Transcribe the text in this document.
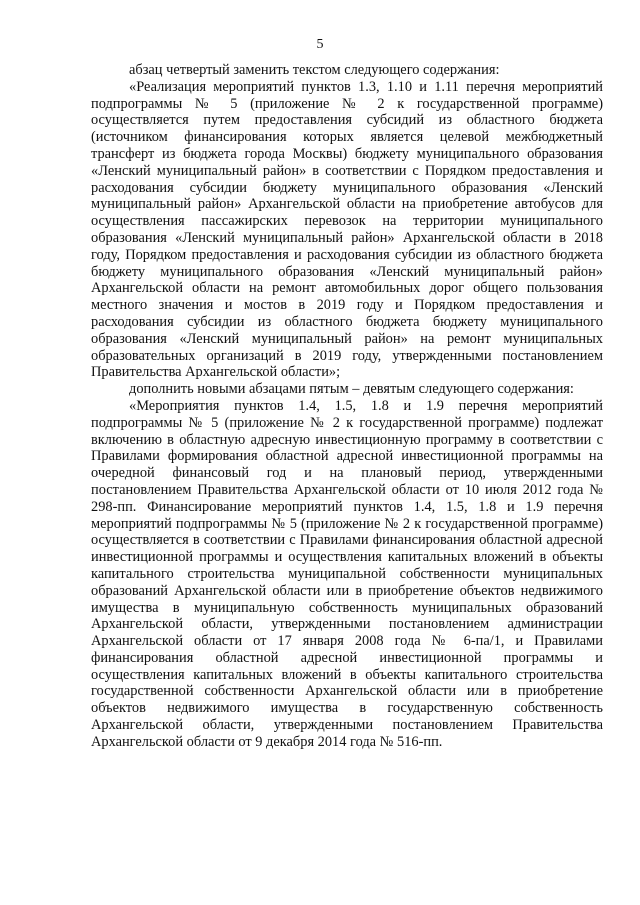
5

абзац четвертый заменить текстом следующего содержания:

«Реализация мероприятий пунктов 1.3, 1.10 и 1.11 перечня мероприятий подпрограммы № 5 (приложение № 2 к государственной программе) осуществляется путем предоставления субсидий из областного бюджета (источником финансирования которых является целевой межбюджетный трансферт из бюджета города Москвы) бюджету муниципального образования «Ленский муниципальный район» в соответствии с Порядком предоставления и расходования субсидии бюджету муниципального образования «Ленский муниципальный район» Архангельской области на приобретение автобусов для осуществления пассажирских перевозок на территории муниципального образования «Ленский муниципальный район» Архангельской области в 2018 году, Порядком предоставления и расходования субсидии из областного бюджета бюджету муниципального образования «Ленский муниципальный район» Архангельской области на ремонт автомобильных дорог общего пользования местного значения и мостов в 2019 году и Порядком предоставления и расходования субсидии из областного бюджета бюджету муниципального образования «Ленский муниципальный район» на ремонт муниципальных образовательных организаций в 2019 году, утвержденными постановлением Правительства Архангельской области»;

дополнить новыми абзацами пятым – девятым следующего содержания:

«Мероприятия пунктов 1.4, 1.5, 1.8 и 1.9 перечня мероприятий подпрограммы № 5 (приложение № 2 к государственной программе) подлежат включению в областную адресную инвестиционную программу в соответствии с Правилами формирования областной адресной инвестиционной программы на очередной финансовый год и на плановый период, утвержденными постановлением Правительства Архангельской области от 10 июля 2012 года № 298-пп. Финансирование мероприятий пунктов 1.4, 1.5, 1.8 и 1.9 перечня мероприятий подпрограммы № 5 (приложение № 2 к государственной программе) осуществляется в соответствии с Правилами финансирования областной адресной инвестиционной программы и осуществления капитальных вложений в объекты капитального строительства муниципальной собственности муниципальных образований Архангельской области или в приобретение объектов недвижимого имущества в муниципальную собственность муниципальных образований Архангельской области, утвержденными постановлением администрации Архангельской области от 17 января 2008 года № 6-па/1, и Правилами финансирования областной адресной инвестиционной программы и осуществления капитальных вложений в объекты капитального строительства государственной собственности Архангельской области или в приобретение объектов недвижимого имущества в государственную собственность Архангельской области, утвержденными постановлением Правительства Архангельской области от 9 декабря 2014 года № 516-пп.
